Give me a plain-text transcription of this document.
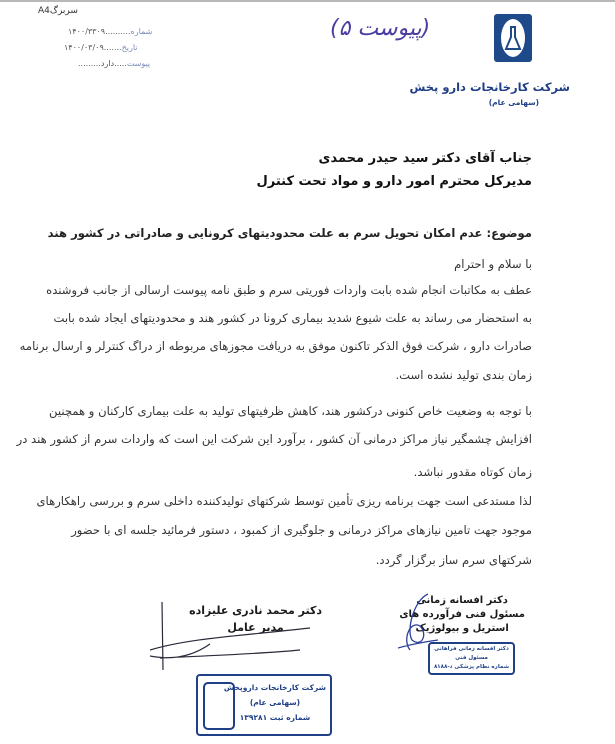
شرکت کارخانجات دارو پخش
(سهامی عام)
سربرگA4
شماره..........۱۴۰۰/۳۳۰۹
تاریخ.......۱۴۰۰/۰۳/۰۹
پیوست.....دارد.........
(پیوست ۵)
جناب آقای دکتر سید حیدر محمدی
مدیرکل محترم امور دارو و مواد تحت کنترل
موضوع: عدم امکان تحویل سرم به علت محدودیتهای کرونایی و صادراتی در کشور هند
با سلام و احترام
عطف به مکاتبات انجام شده بابت واردات فوریتی سرم و طبق نامه پیوست ارسالی از جانب فروشنده
به استحضار می رساند به علت شیوع شدید بیماری کرونا در کشور هند و محدودیتهای ایجاد شده بابت
صادرات دارو ، شرکت فوق الذکر تاکنون موفق به دریافت مجوزهای مربوطه از دراگ کنترلر و ارسال برنامه
زمان بندی تولید نشده است.
با توجه به وضعیت خاص کنونی درکشور هند، کاهش ظرفیتهای تولید به علت بیماری کارکنان و همچنین
افزایش چشمگیر نیاز مراکز درمانی آن کشور ، برآورد این شرکت این است که واردات سرم از کشور هند در
زمان کوتاه مقدور نباشد.
لذا مستدعی است جهت برنامه ریزی تأمین توسط شرکتهای تولیدکننده داخلی سرم و بررسی راهکارهای
موجود جهت تامین نیازهای مراکز درمانی و جلوگیری از کمبود ، دستور فرمائید جلسه ای با حضور
شرکتهای سرم ساز برگزار گردد.
دکتر محمد نادری علیزاده
مدیر عامل
شرکت کارخانجات داروپخش
(سهامی عام)
شماره ثبت ۱۳۹۲۸۱
دکتر افسانه زمانی
مسئول فنی فرآورده های
استریل و بیولوژیک
دکتر افسانه زمانی فراهانی
مسئول فنی
شماره نظام پزشکی د-۸۱۸۸
